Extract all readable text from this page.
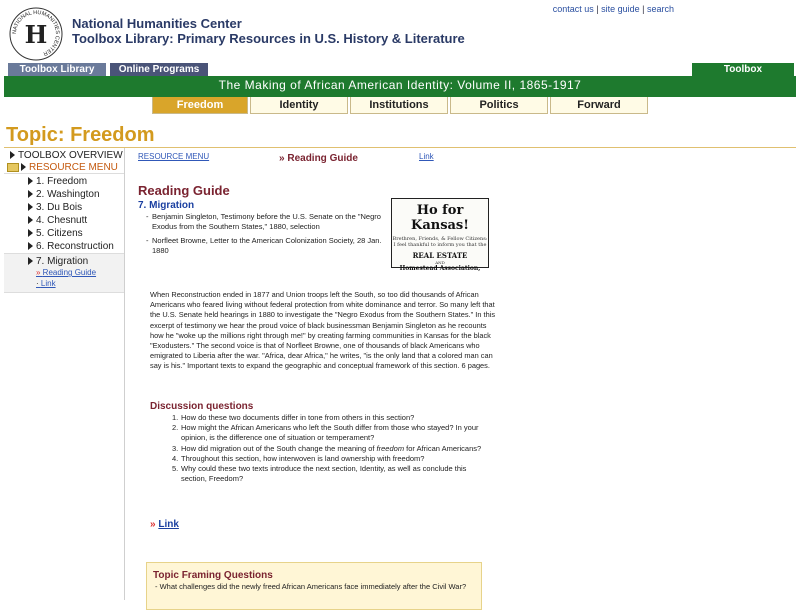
H
NATIONAL HUMANITIES CENTER
National Humanities Center
Toolbox Library: Primary Resources in U.S. History & Literature
contact us | site guide | search
Toolbox Library	Online Programs	Toolbox
The Making of African American Identity: Volume II, 1865-1917
Freedom	Identity	Institutions	Politics	Forward
Topic: Freedom
TOOLBOX OVERVIEW
RESOURCE MENU
1. Freedom
2. Washington
3. Du Bois
4. Chesnutt
5. Citizens
6. Reconstruction
7. Migration
» Reading Guide
· Link
RESOURCE MENU	» Reading Guide	Link
Reading Guide
7. Migration
- Benjamin Singleton, Testimony before the U.S. Senate on the "Negro Exodus from the Southern States," 1880, selection
- Norfleet Browne, Letter to the American Colonization Society, 28 Jan. 1880
Ho for Kansas!
Brethren, Friends, & Fellow Citizens: I feel thankful to inform you that the
REAL ESTATE
AND
Homestead Association,
When Reconstruction ended in 1877 and Union troops left the South, so too did thousands of African Americans who feared living without federal protection from white dominance and terror. So many left that the U.S. Senate held hearings in 1880 to investigate the "Negro Exodus from the Southern States." In this excerpt of testimony we hear the proud voice of black businessman Benjamin Singleton as he recounts how he "woke up the millions right through me!" by creating farming communities in Kansas for the black "Exodusters." The second voice is that of Norfleet Browne, one of thousands of black Americans who emigrated to Liberia after the war. "Africa, dear Africa," he writes, "is the only land that a colored man can say is his." Important texts to expand the geographic and conceptual framework of this section. 6 pages.
Discussion questions
1. How do these two documents differ in tone from others in this section?
2. How might the African Americans who left the South differ from those who stayed? In your opinion, is the difference one of situation or temperament?
3. How did migration out of the South change the meaning of freedom for African Americans?
4. Throughout this section, how interwoven is land ownership with freedom?
5. Why could these two texts introduce the next section, Identity, as well as conclude this section, Freedom?
» Link
Topic Framing Questions
- What challenges did the newly freed African Americans face immediately after the Civil War?
